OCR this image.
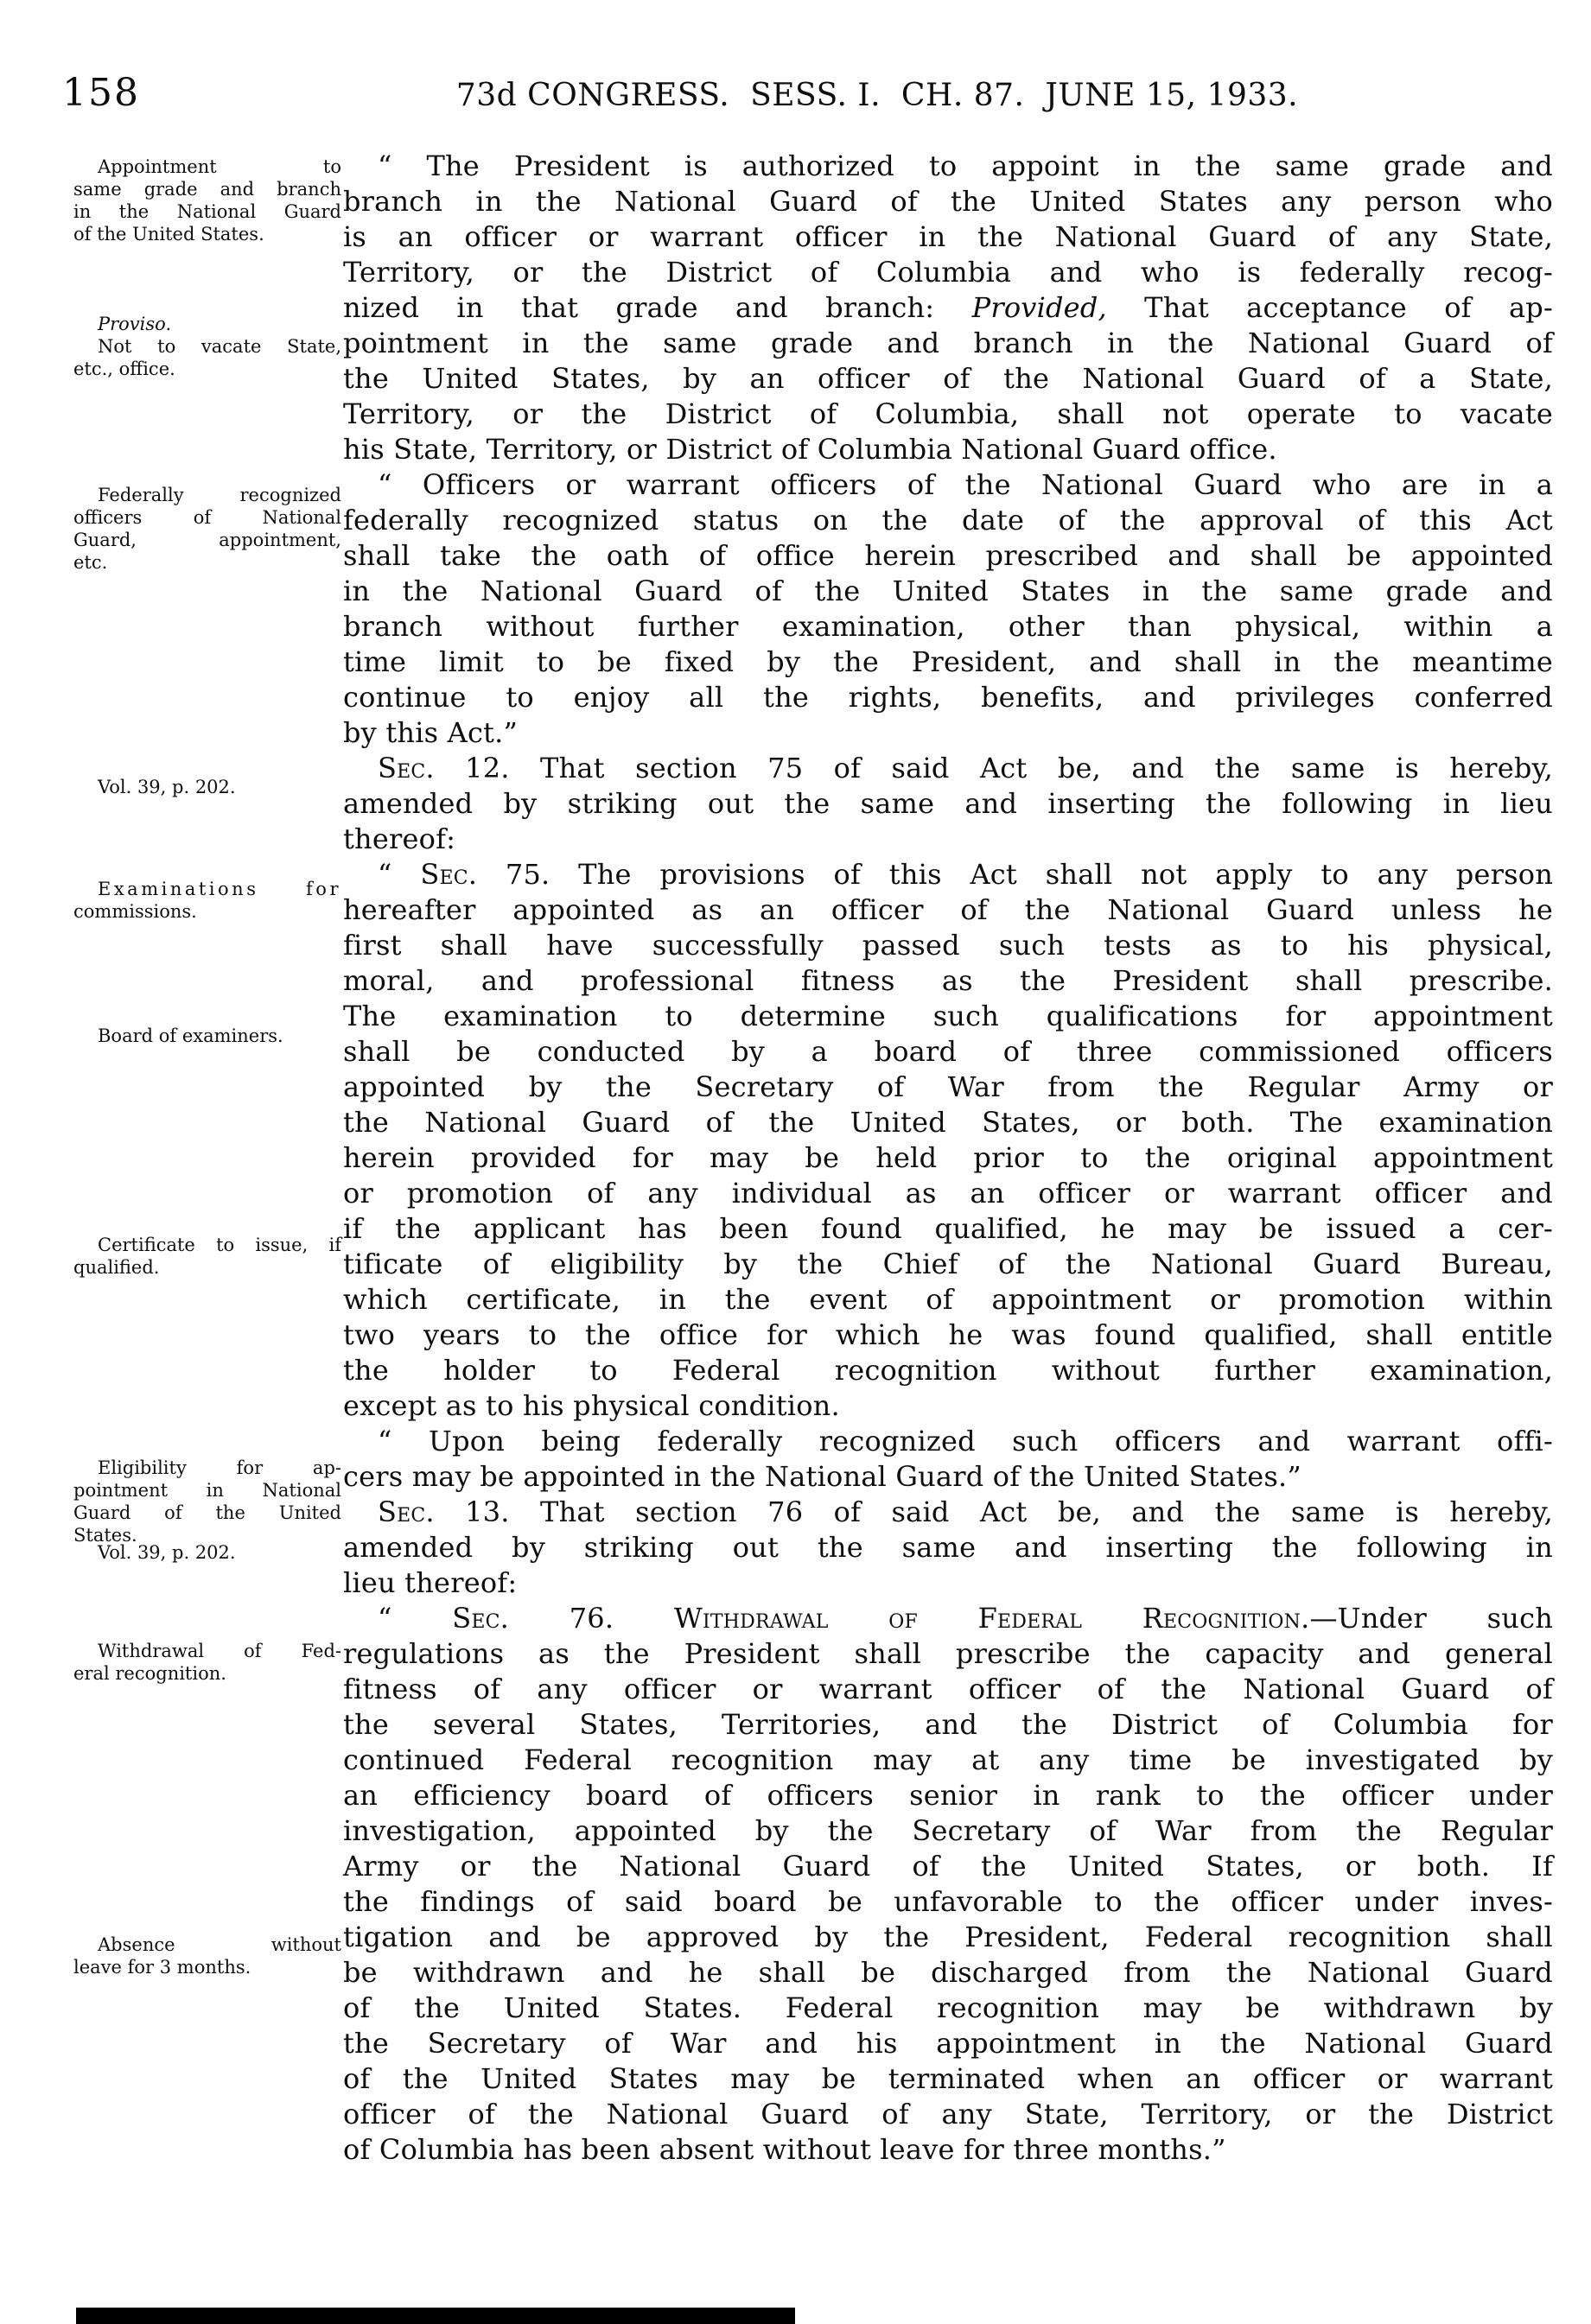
158	73d CONGRESS.  SESS. I.  CH. 87.  JUNE 15, 1933.
Appointment to
same grade and branch
in the National Guard
of the United States.
Proviso.
Not to vacate State,
etc., office.
Federally recognized
officers of National
Guard, appointment,
etc.
Vol. 39, p. 202.
Examinations for
commissions.
Board of examiners.
Certificate to issue, if
qualified.
Eligibility for ap-
pointment in National
Guard of the United
States.
Vol. 39, p. 202.
Withdrawal of Fed-
eral recognition.
Absence without
leave for 3 months.
“ The President is authorized to appoint in the same grade and
branch in the National Guard of the United States any person who
is an officer or warrant officer in the National Guard of any State,
Territory, or the District of Columbia and who is federally recog-
nized in that grade and branch: Provided, That acceptance of ap-
pointment in the same grade and branch in the National Guard of
the United States, by an officer of the National Guard of a State,
Territory, or the District of Columbia, shall not operate to vacate
his State, Territory, or District of Columbia National Guard office.
“ Officers or warrant officers of the National Guard who are in a
federally recognized status on the date of the approval of this Act
shall take the oath of office herein prescribed and shall be appointed
in the National Guard of the United States in the same grade and
branch without further examination, other than physical, within a
time limit to be fixed by the President, and shall in the meantime
continue to enjoy all the rights, benefits, and privileges conferred
by this Act.”
Sec. 12. That section 75 of said Act be, and the same is hereby,
amended by striking out the same and inserting the following in lieu
thereof:
“ Sec. 75. The provisions of this Act shall not apply to any person
hereafter appointed as an officer of the National Guard unless he
first shall have successfully passed such tests as to his physical,
moral, and professional fitness as the President shall prescribe.
The examination to determine such qualifications for appointment
shall be conducted by a board of three commissioned officers
appointed by the Secretary of War from the Regular Army or
the National Guard of the United States, or both. The examination
herein provided for may be held prior to the original appointment
or promotion of any individual as an officer or warrant officer and
if the applicant has been found qualified, he may be issued a cer-
tificate of eligibility by the Chief of the National Guard Bureau,
which certificate, in the event of appointment or promotion within
two years to the office for which he was found qualified, shall entitle
the holder to Federal recognition without further examination,
except as to his physical condition.
“ Upon being federally recognized such officers and warrant offi-
cers may be appointed in the National Guard of the United States.”
Sec. 13. That section 76 of said Act be, and the same is hereby,
amended by striking out the same and inserting the following in
lieu thereof:
“ Sec. 76. Withdrawal of Federal Recognition.—Under such
regulations as the President shall prescribe the capacity and general
fitness of any officer or warrant officer of the National Guard of
the several States, Territories, and the District of Columbia for
continued Federal recognition may at any time be investigated by
an efficiency board of officers senior in rank to the officer under
investigation, appointed by the Secretary of War from the Regular
Army or the National Guard of the United States, or both. If
the findings of said board be unfavorable to the officer under inves-
tigation and be approved by the President, Federal recognition shall
be withdrawn and he shall be discharged from the National Guard
of the United States. Federal recognition may be withdrawn by
the Secretary of War and his appointment in the National Guard
of the United States may be terminated when an officer or warrant
officer of the National Guard of any State, Territory, or the District
of Columbia has been absent without leave for three months.”
